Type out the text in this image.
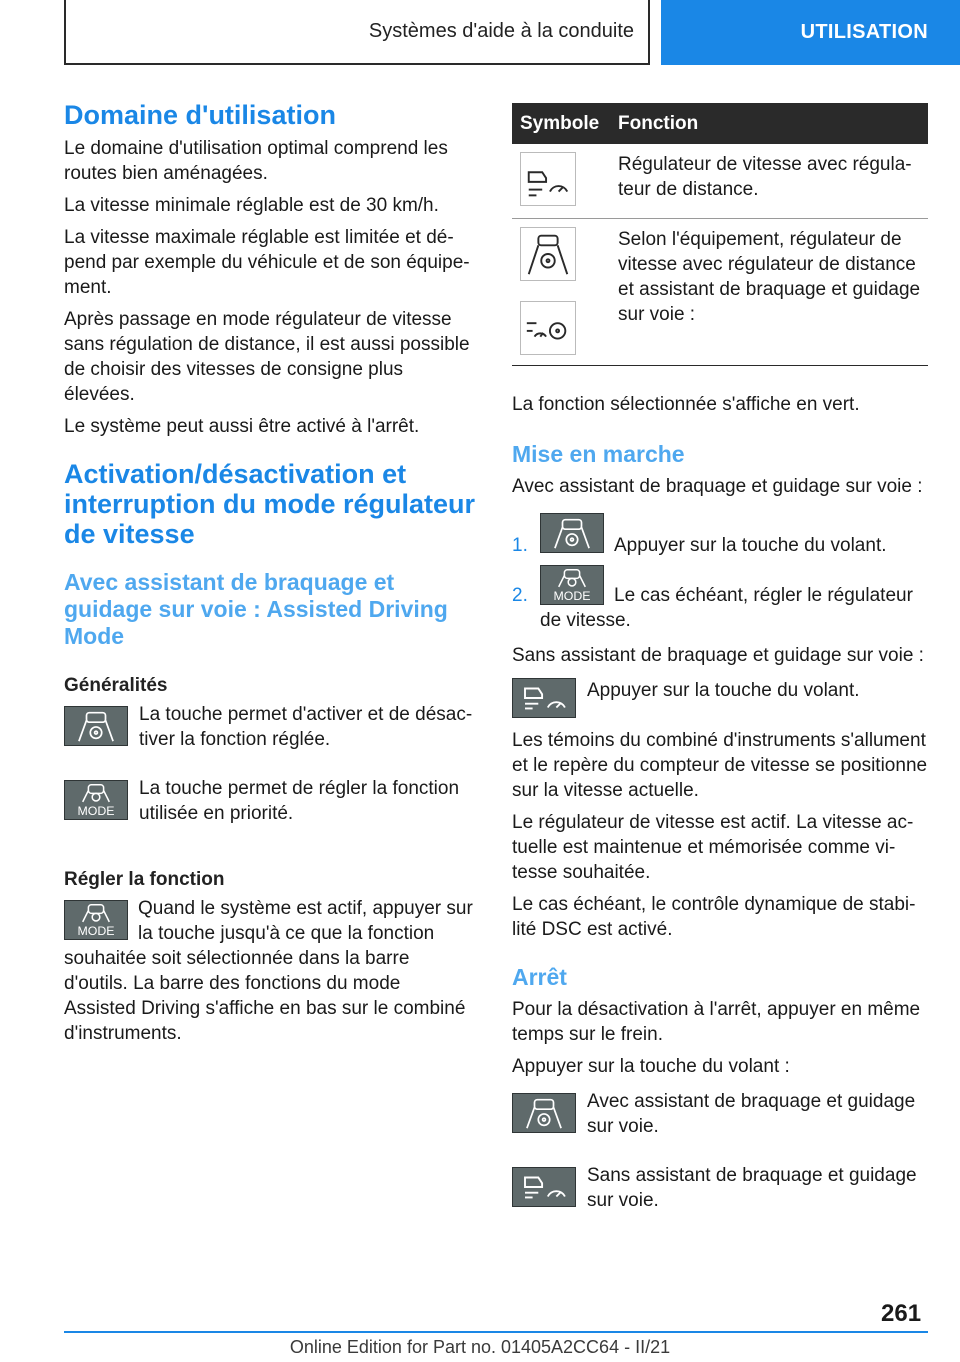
Systèmes d'aide à la conduite	UTILISATION
Domaine d'utilisation

Le domaine d'utilisation optimal comprend les routes bien aménagées.

La vitesse minimale réglable est de 30 km/h.

La vitesse maximale réglable est limitée et dépend par exemple du véhicule et de son équipement.

Après passage en mode régulateur de vitesse sans régulation de distance, il est aussi possible de choisir des vitesses de consigne plus élevées.

Le système peut aussi être activé à l'arrêt.

Activation/désactivation et interruption du mode régulateur de vitesse
Avec assistant de braquage et guidage sur voie : Assisted Driving Mode
Généralités

La touche permet d'activer et de désactiver la fonction réglée.

MODE

La touche permet de régler la fonction utilisée en priorité.

Régler la fonction
MODE

Quand le système est actif, appuyer sur la touche jusqu'à ce que la fonction souhaitée soit sélectionnée dans la barre d'outils. La barre des fonctions du mode Assisted Driving s'affiche en bas sur le combiné d'instruments.

Symbole	Fonction

	Régulateur de vitesse avec régulateur de distance.

	Selon l'équipement, régulateur de vitesse avec régulateur de distance et assistant de braquage et guidage sur voie :

La fonction sélectionnée s'affiche en vert.

Mise en marche

Avec assistant de braquage et guidage sur voie :

1.	Appuyer sur la touche du volant.

2. MODE	Le cas échéant, régler le régulateur de vitesse.

Sans assistant de braquage et guidage sur voie :

Appuyer sur la touche du volant.

Les témoins du combiné d'instruments s'allument et le repère du compteur de vitesse se positionne sur la vitesse actuelle.

Le régulateur de vitesse est actif. La vitesse actuelle est maintenue et mémorisée comme vitesse souhaitée.

Le cas échéant, le contrôle dynamique de stabilité DSC est activé.

Arrêt

Pour la désactivation à l'arrêt, appuyer en même temps sur le frein.

Appuyer sur la touche du volant :

Avec assistant de braquage et guidage sur voie.

Sans assistant de braquage et guidage sur voie.

261
Online Edition for Part no. 01405A2CC64 - II/21
